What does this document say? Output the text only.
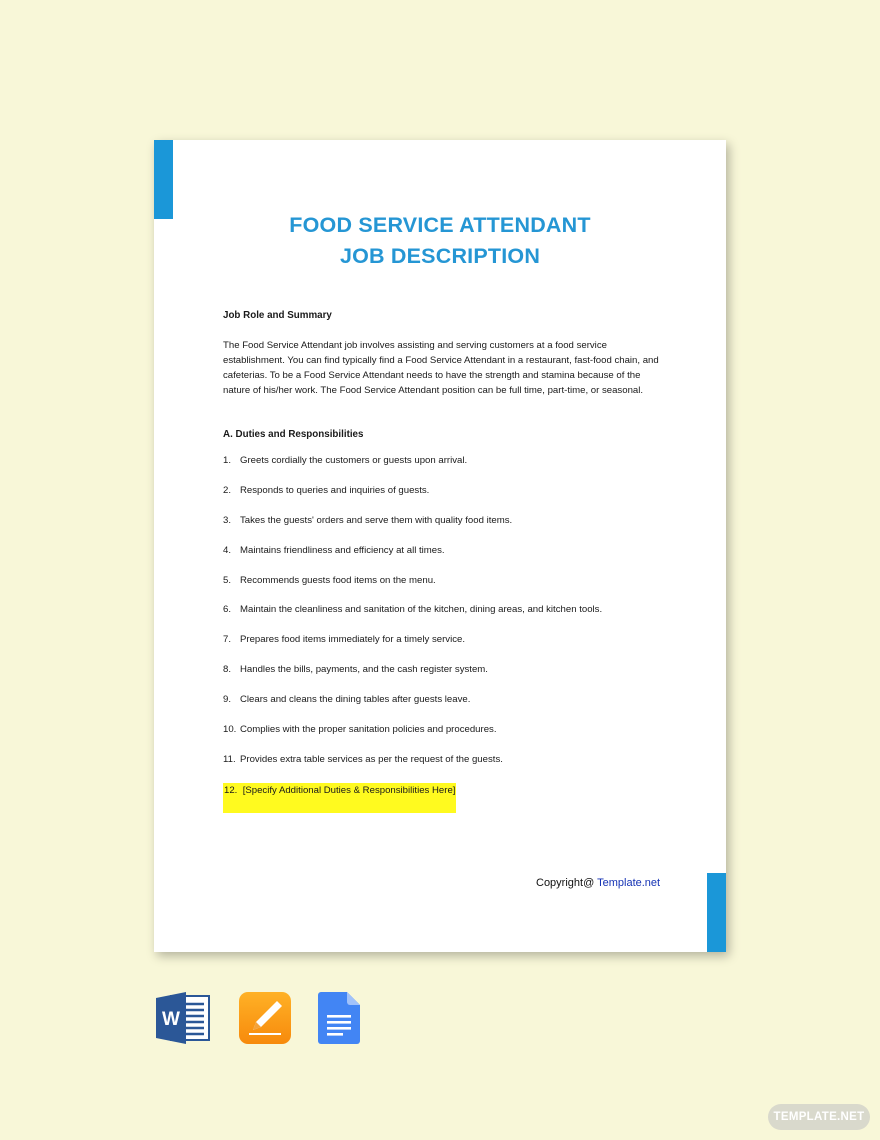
FOOD SERVICE ATTENDANT
JOB DESCRIPTION

Job Role and Summary

The Food Service Attendant job involves assisting and serving customers at a food service establishment. You can find typically find a Food Service Attendant in a restaurant, fast-food chain, and cafeterias. To be a Food Service Attendant needs to have the strength and stamina because of the nature of his/her work. The Food Service Attendant position can be full time, part-time, or seasonal.

A. Duties and Responsibilities

1. Greets cordially the customers or guests upon arrival.
2. Responds to queries and inquiries of guests.
3. Takes the guests' orders and serve them with quality food items.
4. Maintains friendliness and efficiency at all times.
5. Recommends guests food items on the menu.
6. Maintain the cleanliness and sanitation of the kitchen, dining areas, and kitchen tools.
7. Prepares food items immediately for a timely service.
8. Handles the bills, payments, and the cash register system.
9. Clears and cleans the dining tables after guests leave.
10. Complies with the proper sanitation policies and procedures.
11. Provides extra table services as per the request of the guests.
12. [Specify Additional Duties & Responsibilities Here]
Copyright@ Template.net
W
TEMPLATE.NET
